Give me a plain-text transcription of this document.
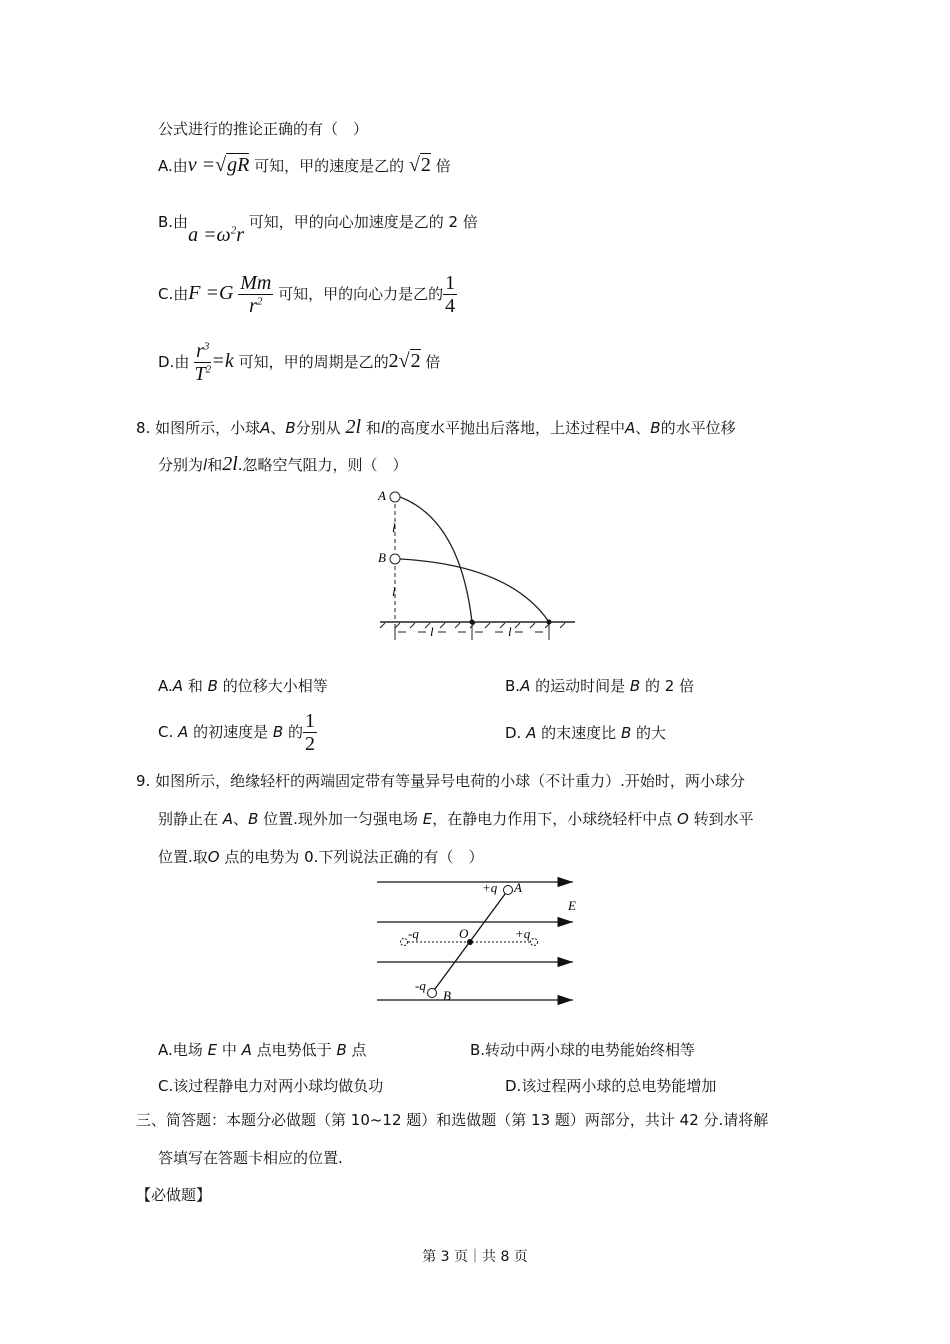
公式进行的推论正确的有（　）
A.由v =√gR 可知，甲的速度是乙的 √2 倍
B.由$a =\omega^2r$ 可知，甲的向心加速度是乙的 2 倍
C.由$F =G \frac{Mm}{r^2}$ 可知，甲的向心力是乙的 $\frac{1}{4}$
D.由 $\frac{r^3}{T^2} =k$ 可知，甲的周期是乙的2√2 倍
8. 如图所示，小球A、B分别从 2l 和l的高度水平抛出后落地，上述过程中A、B的水平位移
分别为l和2l.忽略空气阻力，则（　）
A
B
l
l
l	l
A.A 和 B 的位移大小相等	B.A 的运动时间是 B 的 2 倍
C. A 的初速度是 B 的 $\frac{1}{2}$	D. A 的末速度比 B 的大
9. 如图所示，绝缘轻杆的两端固定带有等量异号电荷的小球（不计重力）.开始时，两小球分
别静止在 A、B 位置.现外加一匀强电场 E，在静电力作用下，小球绕轻杆中点 O 转到水平
位置.取O 点的电势为 0.下列说法正确的有（　）
+q A
E
-q	O	+q
-q
B
A.电场 E 中 A 点电势低于 B 点	B.转动中两小球的电势能始终相等
C.该过程静电力对两小球均做负功	D.该过程两小球的总电势能增加
三、简答题：本题分必做题（第 10~12 题）和选做题（第 13 题）两部分，共计 42 分.请将解
答填写在答题卡相应的位置.
【必做题】
第 3 页｜共 8 页
